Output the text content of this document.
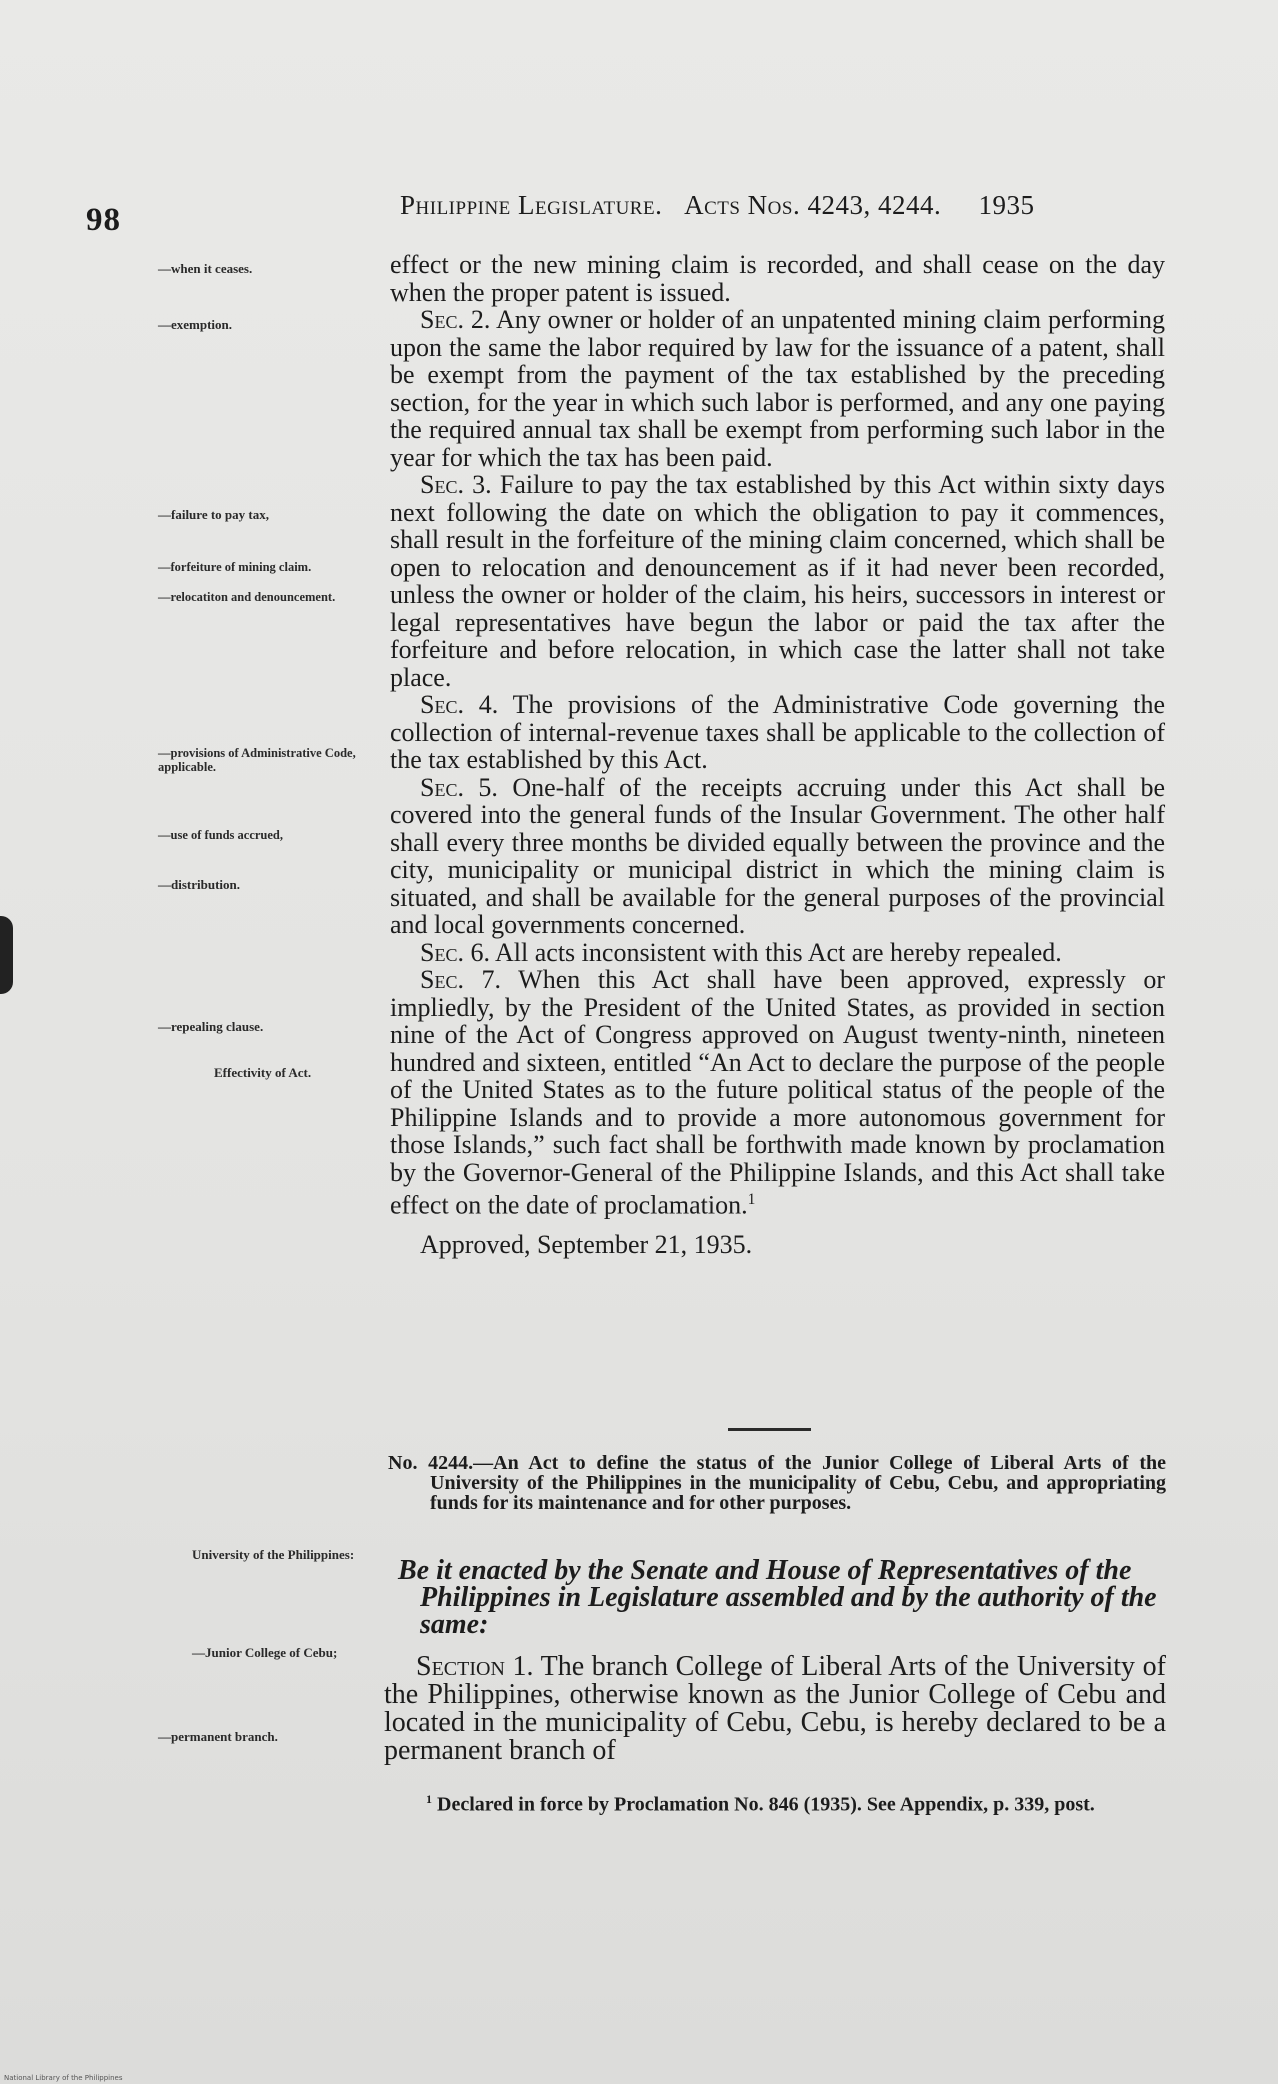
98	Philippine Legislature. Acts Nos. 4243, 4244. 1935
—when it ceases.
—exemption.
—failure to pay tax,
—forfeiture of mining claim.
—relocatiton and denouncement.
—provisions of Administrative Code, applicable.
—use of funds accrued,
—distribution.
—repealing clause.
Effectivity of Act.
University of the Philippines:
—Junior College of Cebu;
—permanent branch.

effect or the new mining claim is recorded, and shall cease on the day when the proper patent is issued.

Sec. 2. Any owner or holder of an unpatented mining claim performing upon the same the labor required by law for the issuance of a patent, shall be exempt from the payment of the tax established by the preceding section, for the year in which such labor is performed, and any one paying the required annual tax shall be exempt from performing such labor in the year for which the tax has been paid.

Sec. 3. Failure to pay the tax established by this Act within sixty days next following the date on which the obligation to pay it commences, shall result in the forfeiture of the mining claim concerned, which shall be open to relocation and denouncement as if it had never been recorded, unless the owner or holder of the claim, his heirs, successors in interest or legal representatives have begun the labor or paid the tax after the forfeiture and before relocation, in which case the latter shall not take place.

Sec. 4. The provisions of the Administrative Code governing the collection of internal-revenue taxes shall be applicable to the collection of the tax established by this Act.

Sec. 5. One-half of the receipts accruing under this Act shall be covered into the general funds of the Insular Government. The other half shall every three months be divided equally between the province and the city, municipality or municipal district in which the mining claim is situated, and shall be available for the general purposes of the provincial and local governments concerned.

Sec. 6. All acts inconsistent with this Act are hereby repealed.

Sec. 7. When this Act shall have been approved, expressly or impliedly, by the President of the United States, as provided in section nine of the Act of Congress approved on August twenty-ninth, nineteen hundred and sixteen, entitled “An Act to declare the purpose of the people of the United States as to the future political status of the people of the Philippine Islands and to provide a more autonomous government for those Islands,” such fact shall be forthwith made known by proclamation by the Governor-General of the Philippine Islands, and this Act shall take effect on the date of proclamation.$^1$

Approved, September 21, 1935.

No. 4244.—An Act to define the status of the Junior College of Liberal Arts of the University of the Philippines in the municipality of Cebu, Cebu, and appropriating funds for its maintenance and for other purposes.
Be it enacted by the Senate and House of Representatives of the Philippines in Legislature assembled and by the authority of the same:
Section 1. The branch College of Liberal Arts of the University of the Philippines, otherwise known as the Junior College of Cebu and located in the municipality of Cebu, Cebu, is hereby declared to be a permanent branch of
$^1$ Declared in force by Proclamation No. 846 (1935). See Appendix, p. 339, post.
National Library of the Philippines
